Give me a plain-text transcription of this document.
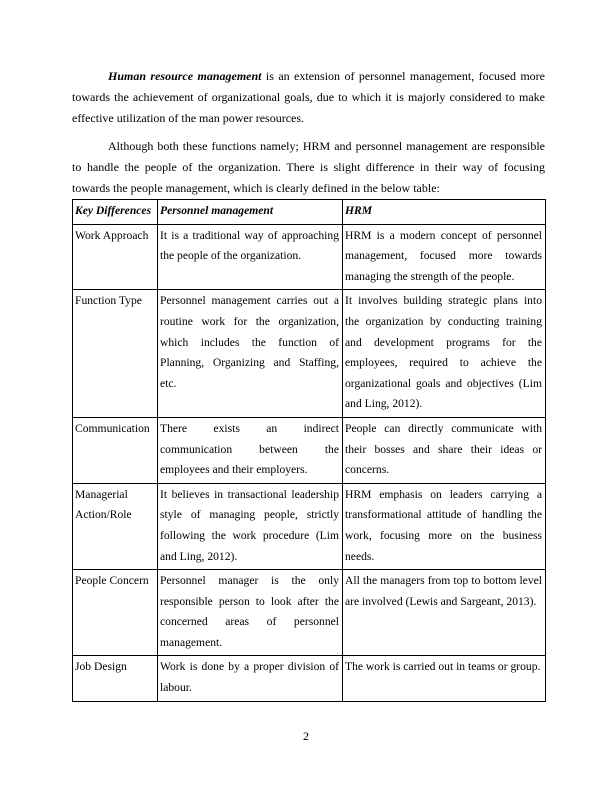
Human resource management is an extension of personnel management, focused more towards the achievement of organizational goals, due to which it is majorly considered to make effective utilization of the man power resources.

Although both these functions namely; HRM and personnel management are responsible to handle the people of the organization. There is slight difference in their way of focusing towards the people management, which is clearly defined in the below table:

Key Differences	Personnel management	HRM
Work Approach	It is a traditional way of approaching the people of the organization.	HRM is a modern concept of personnel management, focused more towards managing the strength of the people.
Function Type	Personnel management carries out a routine work for the organization, which includes the function of Planning, Organizing and Staffing, etc.	It involves building strategic plans into the organization by conducting training and development programs for the employees, required to achieve the organizational goals and objectives (Lim and Ling, 2012).
Communication	There exists an indirect communication between the employees and their employers.	People can directly communicate with their bosses and share their ideas or concerns.
Managerial Action/Role	It believes in transactional leadership style of managing people, strictly following the work procedure (Lim and Ling, 2012).	HRM emphasis on leaders carrying a transformational attitude of handling the work, focusing more on the business needs.
People Concern	Personnel manager is the only responsible person to look after the concerned areas of personnel management.	All the managers from top to bottom level are involved (Lewis and Sargeant, 2013).
Job Design	Work is done by a proper division of labour.	The work is carried out in teams or group.
2
